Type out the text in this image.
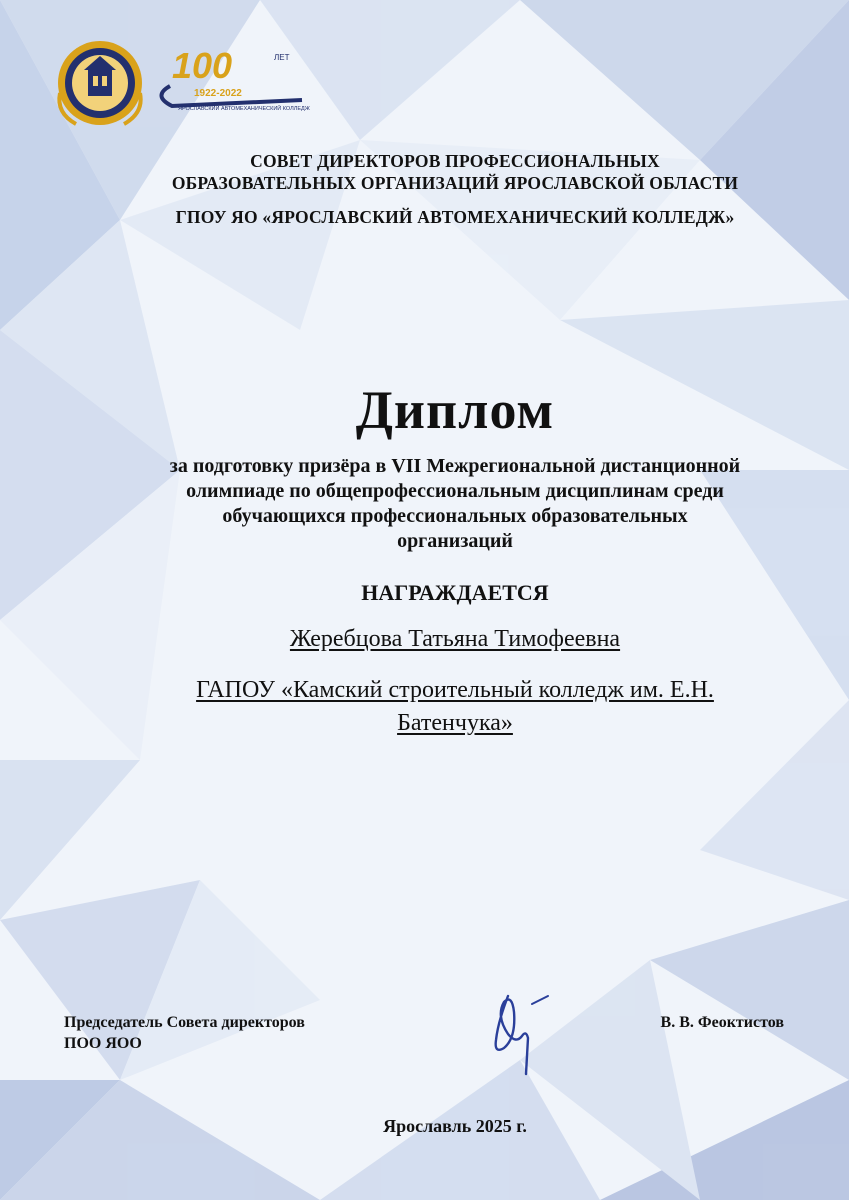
100	ЛЕТ
1922-2022
ЯРОСЛАВСКИЙ АВТОМЕХАНИЧЕСКИЙ КОЛЛЕДЖ
СОВЕТ ДИРЕКТОРОВ ПРОФЕССИОНАЛЬНЫХ
ОБРАЗОВАТЕЛЬНЫХ ОРГАНИЗАЦИЙ ЯРОСЛАВСКОЙ ОБЛАСТИ
ГПОУ ЯО «ЯРОСЛАВСКИЙ АВТОМЕХАНИЧЕСКИЙ КОЛЛЕДЖ»
Диплом
за подготовку призёра в VII Межрегиональной дистанционной
олимпиаде по общепрофессиональным дисциплинам среди
обучающихся профессиональных образовательных
организаций
НАГРАЖДАЕТСЯ
Жеребцова Татьяна Тимофеевна
ГАПОУ «Камский строительный колледж им. Е.Н.
Батенчука»
Председатель Совета директоров
ПОО ЯОО
В. В. Феоктистов
Ярославль 2025 г.
